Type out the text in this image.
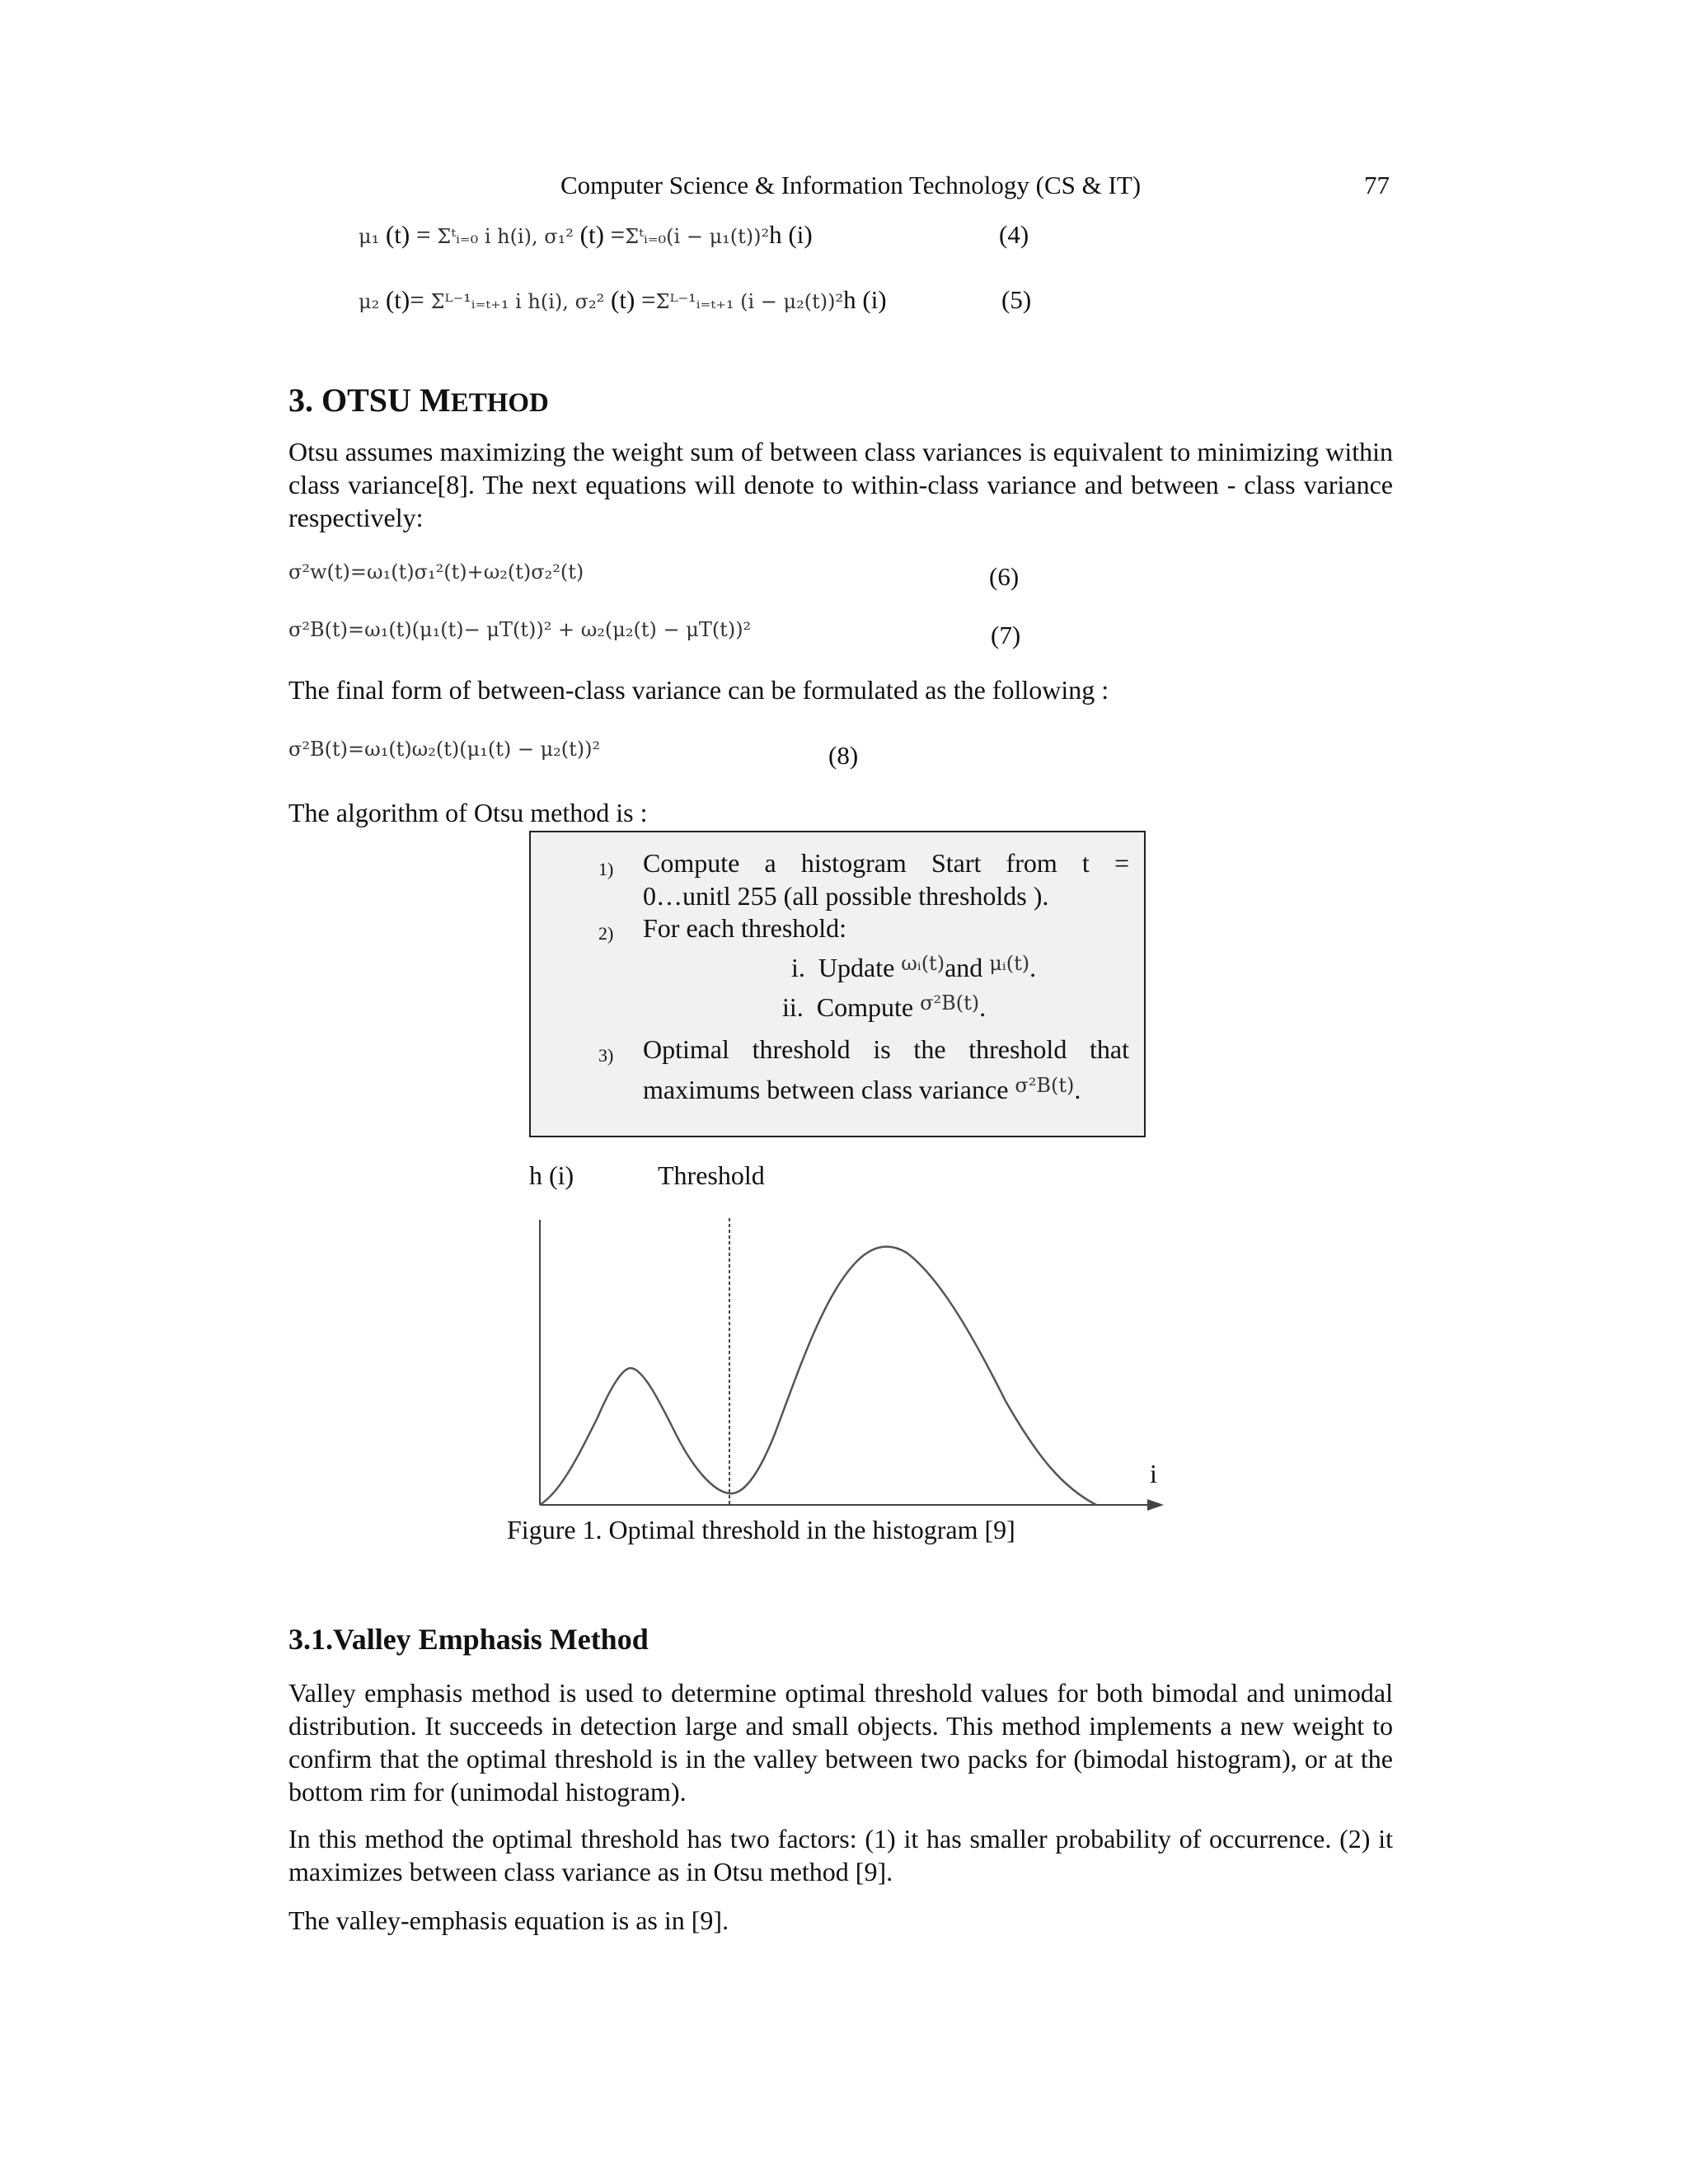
Computer Science & Information Technology (CS & IT)	77
μ₁ (t) = Σᵗᵢ₌₀ i h(i), σ₁² (t) =Σᵗᵢ₌₀(i − μ₁(t))²h (i)	(4)
μ₂ (t)= Σᴸ⁻¹ᵢ₌ₜ₊₁ i h(i), σ₂² (t) =Σᴸ⁻¹ᵢ₌ₜ₊₁ (i − μ₂(t))²h (i)	(5)
3. OTSU METHOD
Otsu assumes maximizing the weight sum of between class variances is equivalent to minimizing within class variance[8]. The next equations will denote to within-class variance and between - class variance respectively:
σ²w(t)=ω₁(t)σ₁²(t)+ω₂(t)σ₂²(t)	(6)
σ²B(t)=ω₁(t)(μ₁(t)− μT(t))² + ω₂(μ₂(t) − μT(t))²	(7)
The final form of between-class variance can be formulated as the following :
σ²B(t)=ω₁(t)ω₂(t)(μ₁(t) − μ₂(t))²	(8)
The algorithm of Otsu method is :
1) Compute a histogram Start from t =
0…unitl 255 (all possible thresholds ).
2) For each threshold:
i. Update $^{\omega ᵢ(t)}$and $^{\mu ᵢ(t)}$.
ii. Compute $^{\sigma^2B(t)}$.
3) Optimal threshold is the threshold that
maximums between class variance $^{\sigma^2B(t)}$.
h (i)	Threshold
i
Figure 1. Optimal threshold in the histogram [9]
3.1.Valley Emphasis Method
Valley emphasis method is used to determine optimal threshold values for both bimodal and unimodal distribution. It succeeds in detection large and small objects. This method implements a new weight to confirm that the optimal threshold is in the valley between two packs for (bimodal histogram), or at the bottom rim for (unimodal histogram).
In this method the optimal threshold has two factors: (1) it has smaller probability of occurrence. (2) it maximizes between class variance as in Otsu method [9].
The valley-emphasis equation is as in [9].
